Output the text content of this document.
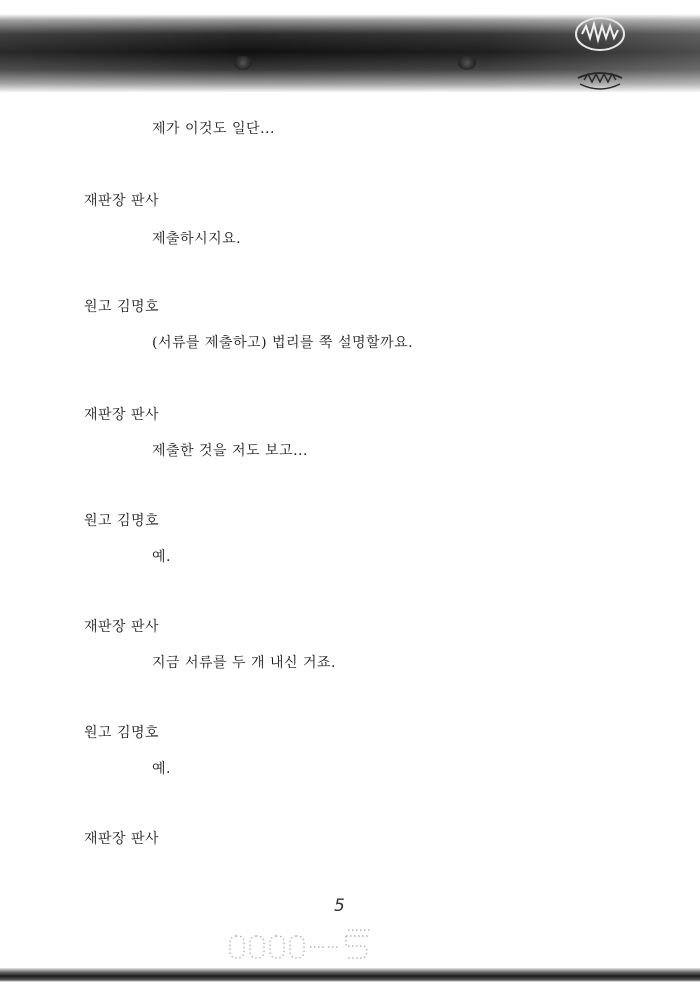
제가 이것도 일단...
재판장 판사
제출하시지요.
원고 김명호
(서류를 제출하고) 법리를 쭉 설명할까요.
재판장 판사
제출한 것을 저도 보고...
원고 김명호
예.
재판장 판사
지금 서류를 두 개 내신 거죠.
원고 김명호
예.
재판장 판사
5
